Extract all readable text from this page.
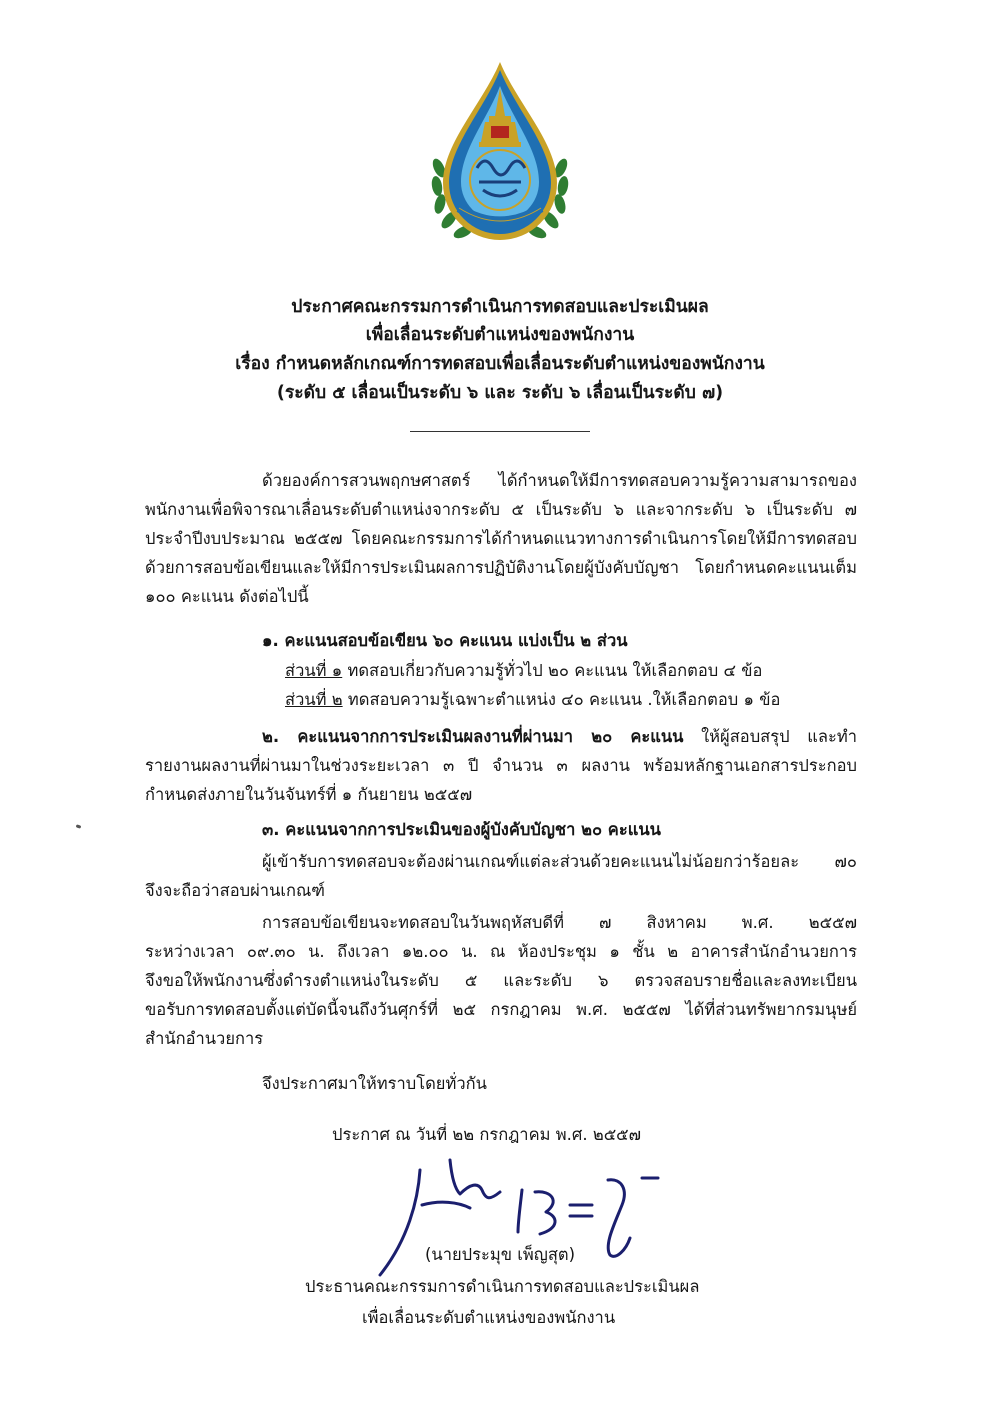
ประกาศคณะกรรมการดำเนินการทดสอบและประเมินผล
เพื่อเลื่อนระดับตำแหน่งของพนักงาน
เรื่อง กำหนดหลักเกณฑ์การทดสอบเพื่อเลื่อนระดับตำแหน่งของพนักงาน
(ระดับ ๕ เลื่อนเป็นระดับ ๖ และ ระดับ ๖ เลื่อนเป็นระดับ ๗)
ด้วยองค์การสวนพฤกษศาสตร์ ได้กำหนดให้มีการทดสอบความรู้ความสามารถของ
พนักงานเพื่อพิจารณาเลื่อนระดับตำแหน่งจากระดับ ๕ เป็นระดับ ๖ และจากระดับ ๖ เป็นระดับ ๗
ประจำปีงบประมาณ ๒๕๕๗ โดยคณะกรรมการได้กำหนดแนวทางการดำเนินการโดยให้มีการทดสอบ
ด้วยการสอบข้อเขียนและให้มีการประเมินผลการปฏิบัติงานโดยผู้บังคับบัญชา โดยกำหนดคะแนนเต็ม
๑๐๐ คะแนน ดังต่อไปนี้
๑. คะแนนสอบข้อเขียน ๖๐ คะแนน แบ่งเป็น ๒ ส่วน
ส่วนที่ ๑ ทดสอบเกี่ยวกับความรู้ทั่วไป ๒๐ คะแนน ให้เลือกตอบ ๔ ข้อ
ส่วนที่ ๒ ทดสอบความรู้เฉพาะตำแหน่ง ๔๐ คะแนน .ให้เลือกตอบ ๑ ข้อ
๒. คะแนนจากการประเมินผลงานที่ผ่านมา ๒๐ คะแนน ให้ผู้สอบสรุป และทำ
รายงานผลงานที่ผ่านมาในช่วงระยะเวลา ๓ ปี จำนวน ๓ ผลงาน พร้อมหลักฐานเอกสารประกอบ
กำหนดส่งภายในวันจันทร์ที่ ๑ กันยายน ๒๕๕๗
๓. คะแนนจากการประเมินของผู้บังคับบัญชา ๒๐ คะแนน
ผู้เข้ารับการทดสอบจะต้องผ่านเกณฑ์แต่ละส่วนด้วยคะแนนไม่น้อยกว่าร้อยละ ๗๐
จึงจะถือว่าสอบผ่านเกณฑ์
การสอบข้อเขียนจะทดสอบในวันพฤหัสบดีที่ ๗ สิงหาคม พ.ศ. ๒๕๕๗
ระหว่างเวลา ๐๙.๓๐ น. ถึงเวลา ๑๒.๐๐ น. ณ ห้องประชุม ๑ ชั้น ๒ อาคารสำนักอำนวยการ
จึงขอให้พนักงานซึ่งดำรงตำแหน่งในระดับ ๕ และระดับ ๖ ตรวจสอบรายชื่อและลงทะเบียน
ขอรับการทดสอบตั้งแต่บัดนี้จนถึงวันศุกร์ที่ ๒๕ กรกฎาคม พ.ศ. ๒๕๕๗ ได้ที่ส่วนทรัพยากรมนุษย์
สำนักอำนวยการ
จึงประกาศมาให้ทราบโดยทั่วกัน
ประกาศ ณ วันที่ ๒๒ กรกฎาคม พ.ศ. ๒๕๕๗
(นายประมุข เพ็ญสุต)
ประธานคณะกรรมการดำเนินการทดสอบและประเมินผล
เพื่อเลื่อนระดับตำแหน่งของพนักงาน
